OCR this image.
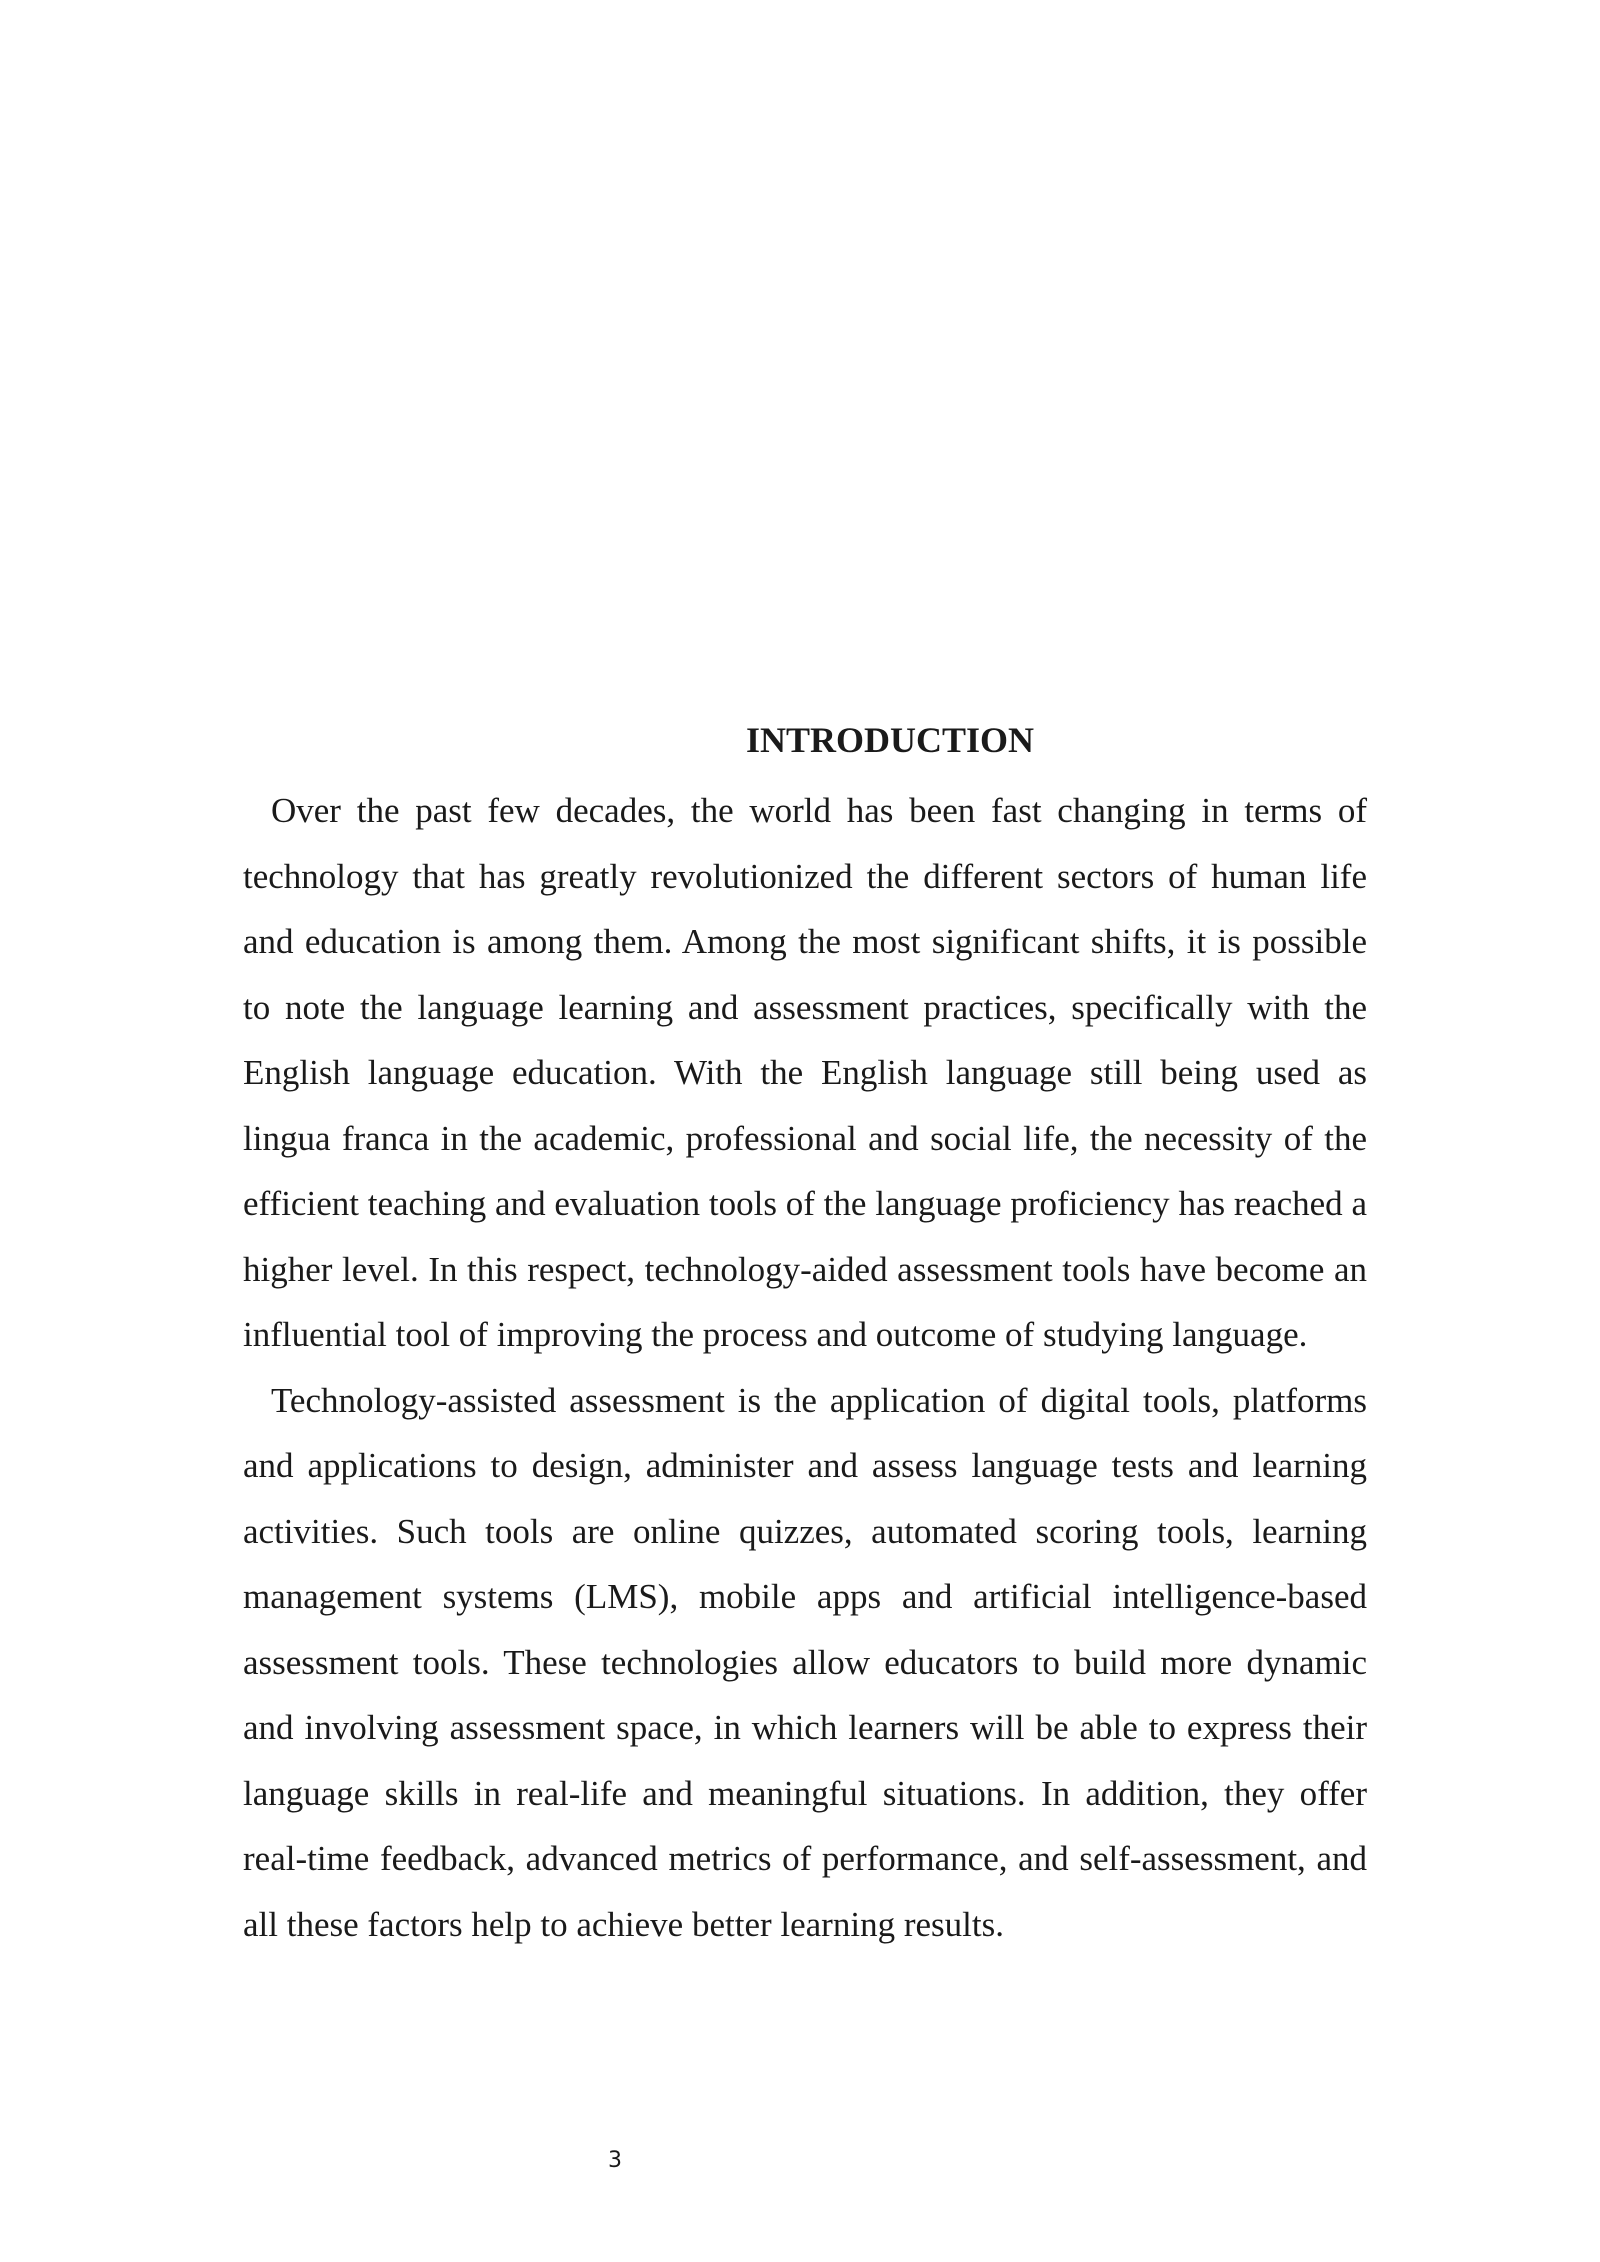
INTRODUCTION

Over the past few decades, the world has been fast changing in terms of technology that has greatly revolutionized the different sectors of human life and education is among them. Among the most significant shifts, it is possible to note the language learning and assessment practices, specifically with the English language education. With the English language still being used as lingua franca in the academic, professional and social life, the necessity of the efficient teaching and evaluation tools of the language proficiency has reached a higher level. In this respect, technology-aided assessment tools have become an influential tool of improving the process and outcome of studying language.

Technology-assisted assessment is the application of digital tools, platforms and applications to design, administer and assess language tests and learning activities. Such tools are online quizzes, automated scoring tools, learning management systems (LMS), mobile apps and artificial intelligence-based assessment tools. These technologies allow educators to build more dynamic and involving assessment space, in which learners will be able to express their language skills in real-life and meaningful situations. In addition, they offer real-time feedback, advanced metrics of performance, and self-assessment, and all these factors help to achieve better learning results.

3
